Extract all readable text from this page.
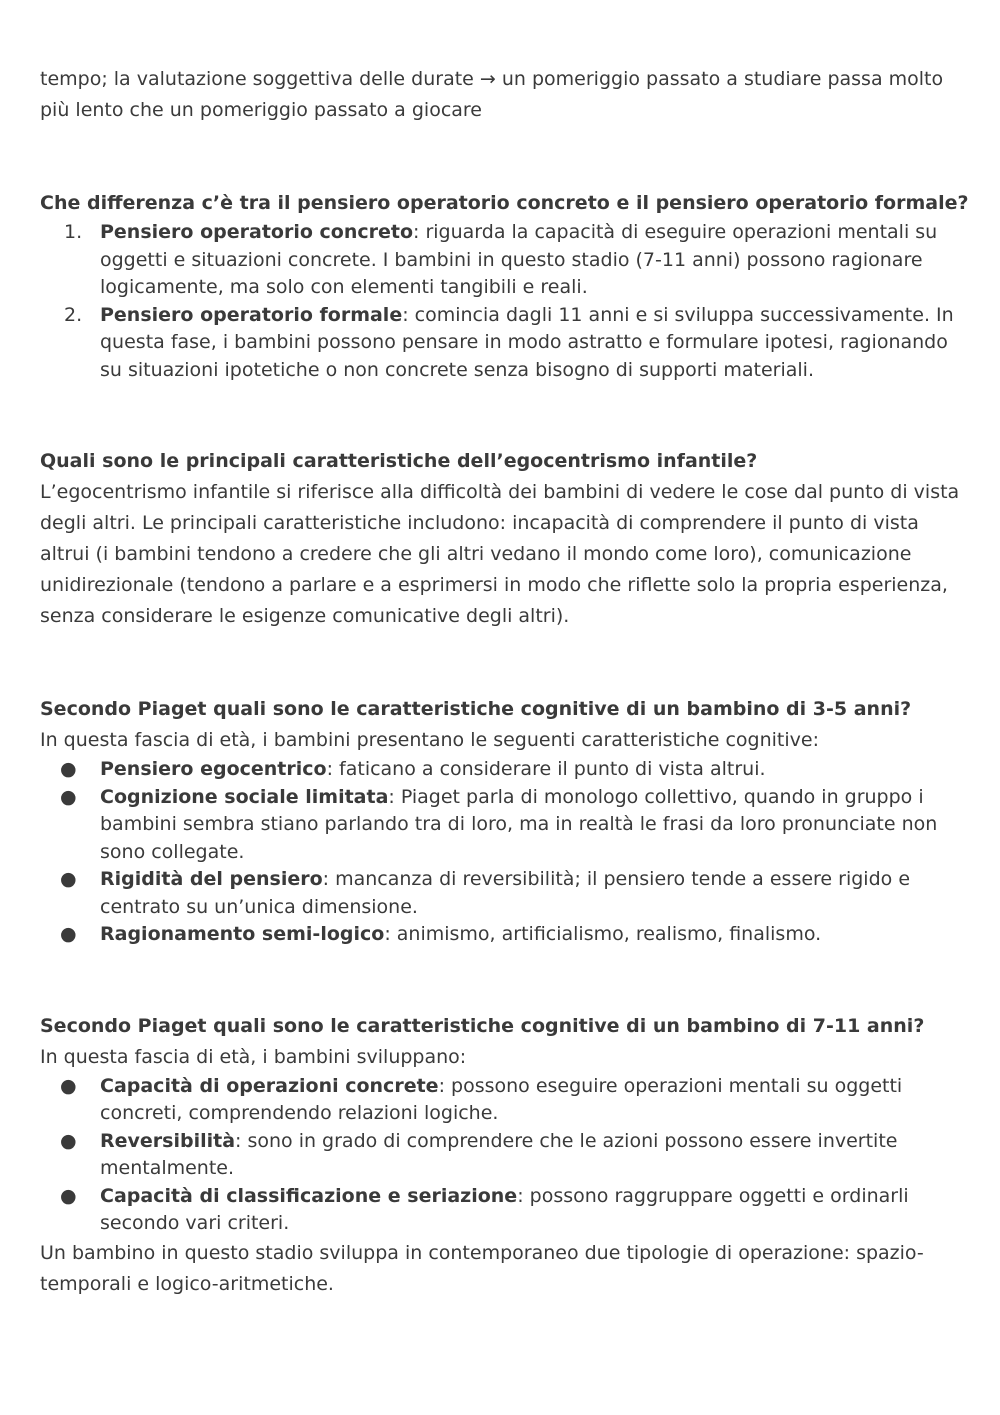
tempo; la valutazione soggettiva delle durate → un pomeriggio passato a studiare passa molto più lento che un pomeriggio passato a giocare

Che differenza c’è tra il pensiero operatorio concreto e il pensiero operatorio formale?

1. Pensiero operatorio concreto: riguarda la capacità di eseguire operazioni mentali su oggetti e situazioni concrete. I bambini in questo stadio (7-11 anni) possono ragionare logicamente, ma solo con elementi tangibili e reali.
2. Pensiero operatorio formale: comincia dagli 11 anni e si sviluppa successivamente. In questa fase, i bambini possono pensare in modo astratto e formulare ipotesi, ragionando su situazioni ipotetiche o non concrete senza bisogno di supporti materiali.

Quali sono le principali caratteristiche dell’egocentrismo infantile?

L’egocentrismo infantile si riferisce alla difficoltà dei bambini di vedere le cose dal punto di vista degli altri. Le principali caratteristiche includono: incapacità di comprendere il punto di vista altrui (i bambini tendono a credere che gli altri vedano il mondo come loro), comunicazione unidirezionale (tendono a parlare e a esprimersi in modo che riflette solo la propria esperienza, senza considerare le esigenze comunicative degli altri).

Secondo Piaget quali sono le caratteristiche cognitive di un bambino di 3-5 anni?

In questa fascia di età, i bambini presentano le seguenti caratteristiche cognitive:

● Pensiero egocentrico: faticano a considerare il punto di vista altrui.
● Cognizione sociale limitata: Piaget parla di monologo collettivo, quando in gruppo i bambini sembra stiano parlando tra di loro, ma in realtà le frasi da loro pronunciate non sono collegate.
● Rigidità del pensiero: mancanza di reversibilità; il pensiero tende a essere rigido e centrato su un’unica dimensione.
● Ragionamento semi-logico: animismo, artificialismo, realismo, finalismo.

Secondo Piaget quali sono le caratteristiche cognitive di un bambino di 7-11 anni?

In questa fascia di età, i bambini sviluppano:

● Capacità di operazioni concrete: possono eseguire operazioni mentali su oggetti concreti, comprendendo relazioni logiche.
● Reversibilità: sono in grado di comprendere che le azioni possono essere invertite mentalmente.
● Capacità di classificazione e seriazione: possono raggruppare oggetti e ordinarli secondo vari criteri.

Un bambino in questo stadio sviluppa in contemporaneo due tipologie di operazione: spazio-temporali e logico-aritmetiche.
